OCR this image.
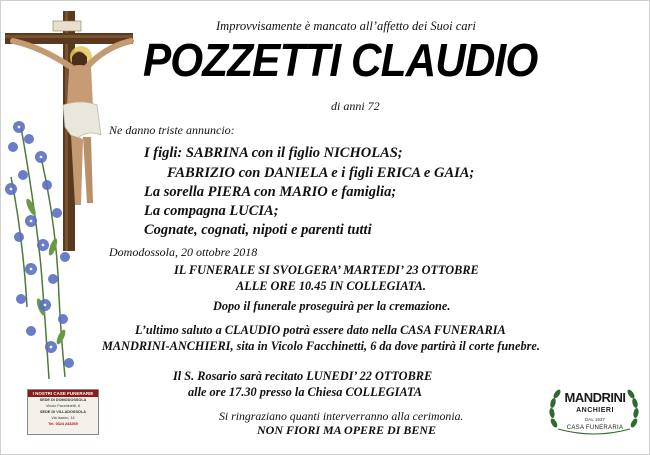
Improvvisamente è mancato all’affetto dei Suoi cari
POZZETTI CLAUDIO
di anni 72
Ne danno triste annuncio:
I figli: SABRINA con il figlio NICHOLAS;
FABRIZIO con DANIELA e i figli ERICA e GAIA;
La sorella PIERA con MARIO e famiglia;
La compagna LUCIA;
Cognate, cognati, nipoti e parenti tutti
Domodossola, 20 ottobre 2018
IL FUNERALE SI SVOLGERA’ MARTEDI’ 23 OTTOBRE
ALLE ORE 10.45 IN COLLEGIATA.
Dopo il funerale proseguirà per la cremazione.
L’ultimo saluto a CLAUDIO potrà essere dato nella CASA FUNERARIA
MANDRINI-ANCHIERI, sita in Vicolo Facchinetti, 6 da dove partirà il corte funebre.
Il S. Rosario sarà recitato LUNEDI’ 22 OTTOBRE
alle ore 17.30 presso la Chiesa COLLEGIATA
Si ringraziano quanti interverranno alla cerimonia.
NON FIORI MA OPERE DI BENE
I NOSTRI CASE FUNERARIE
SEDE DI DOMODOSSOLA
Vicolo Facchinetti, 6
SEDE DI VILLADOSSOLA
Via Isarno, 14
Tel. 0324 243269
MANDRINI
ANCHIERI
DAL 1937
CASA FUNERARIA
